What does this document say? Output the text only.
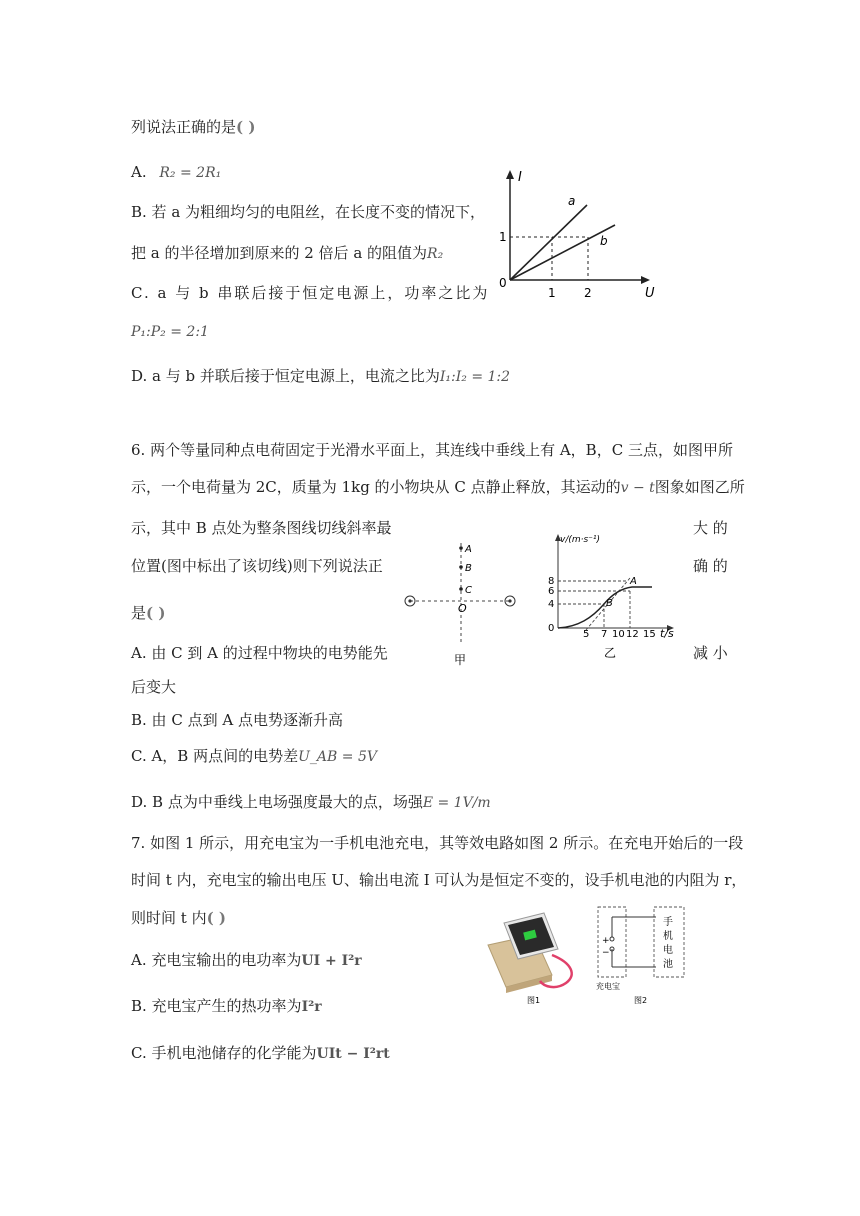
列说法正确的是( )
A. R₂ = 2R₁
B. 若 a 为粗细均匀的电阻丝，在长度不变的情况下，
把 a 的半径增加到原来的 2 倍后 a 的阻值为R₂
C. a 与 b 串联后接于恒定电源上，功率之比为
P₁:P₂ = 2:1
D. a 与 b 并联后接于恒定电源上，电流之比为I₁:I₂ = 1:2
I
U
0
a
b
1
1 2
6. 两个等量同种点电荷固定于光滑水平面上，其连线中垂线上有 A，B，C 三点，如图甲所
示，一个电荷量为 2C，质量为 1kg 的小物块从 C 点静止释放，其运动的v − t图象如图乙所
示，其中 B 点处为整条图线切线斜率最	大 的
位置(图中标出了该切线)则下列说法正	确 的
是( )
A. 由 C 到 A 的过程中物块的电势能先	减 小
后变大
B. 由 C 点到 A 点电势逐渐升高
C. A，B 两点间的电势差U_AB = 5V
D. B 点为中垂线上电场强度最大的点，场强E = 1V/m
A
B
C
O
甲
v/(m·s⁻¹)
t/s
8
6
4
0
5 7 10 12 15
A
B
乙
7. 如图 1 所示，用充电宝为一手机电池充电，其等效电路如图 2 所示。在充电开始后的一段
时间 t 内，充电宝的输出电压 U、输出电流 I 可认为是恒定不变的，设手机电池的内阻为 r，
则时间 t 内( )
A. 充电宝输出的电功率为UI + I²r
B. 充电宝产生的热功率为I²r
C. 手机电池储存的化学能为UIt − I²rt
图1
+
−
手
机
电
池
充电宝
图2
